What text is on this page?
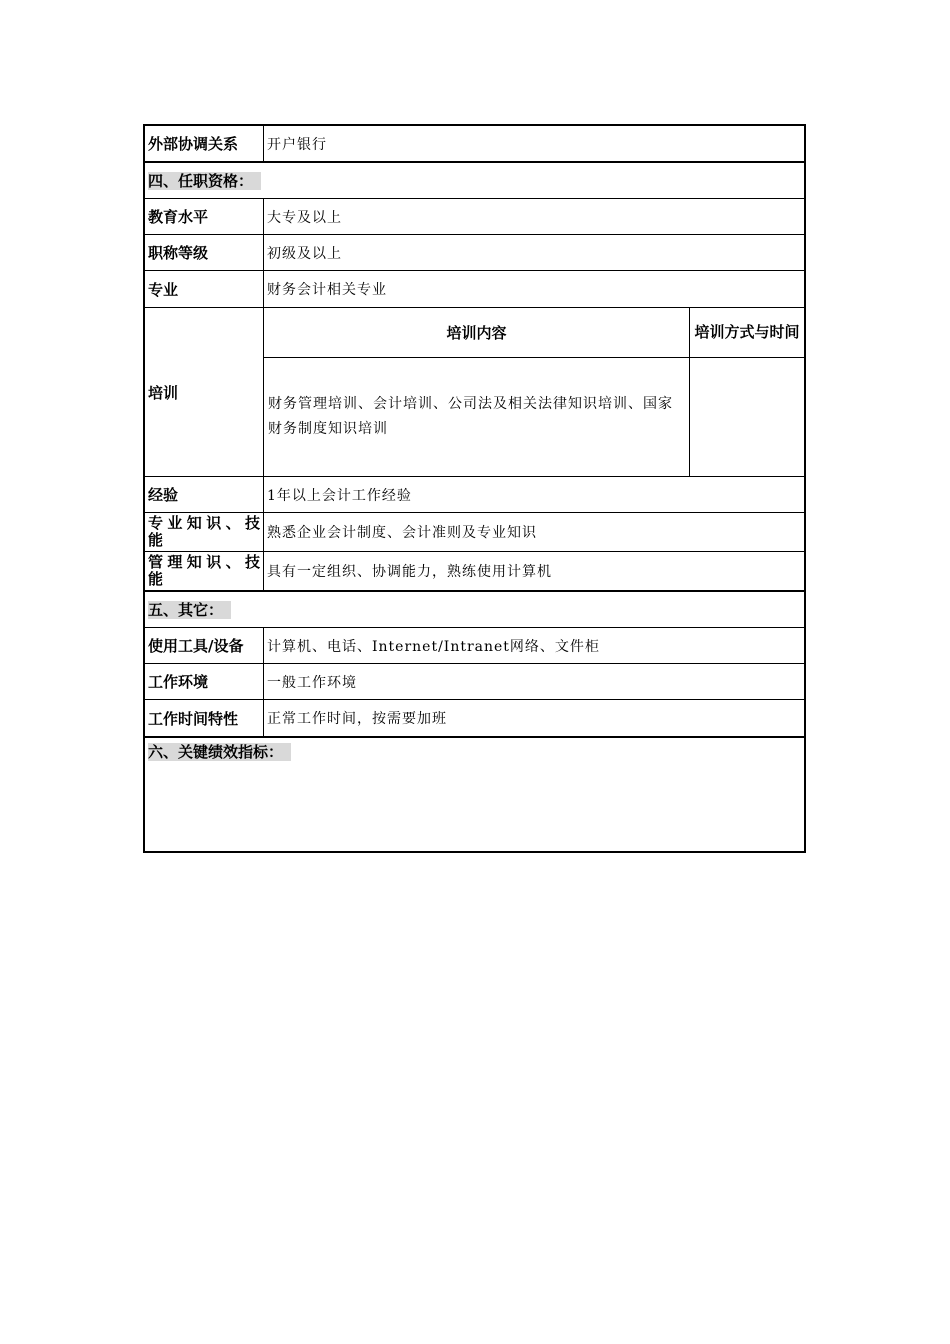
外部协调关系	开户银行
四、任职资格：
教育水平	大专及以上
职称等级	初级及以上
专业	财务会计相关专业
培训
培训内容	培训方式与时间
财务管理培训、会计培训、公司法及相关法律知识培训、国家财务制度知识培训
经验	1年以上会计工作经验
专业知识、技
能	熟悉企业会计制度、会计准则及专业知识
管理知识、技
能	具有一定组织、协调能力，熟练使用计算机
五、其它：
使用工具/设备	计算机、电话、Internet/Intranet网络、文件柜
工作环境	一般工作环境
工作时间特性	正常工作时间，按需要加班
六、关键绩效指标：
